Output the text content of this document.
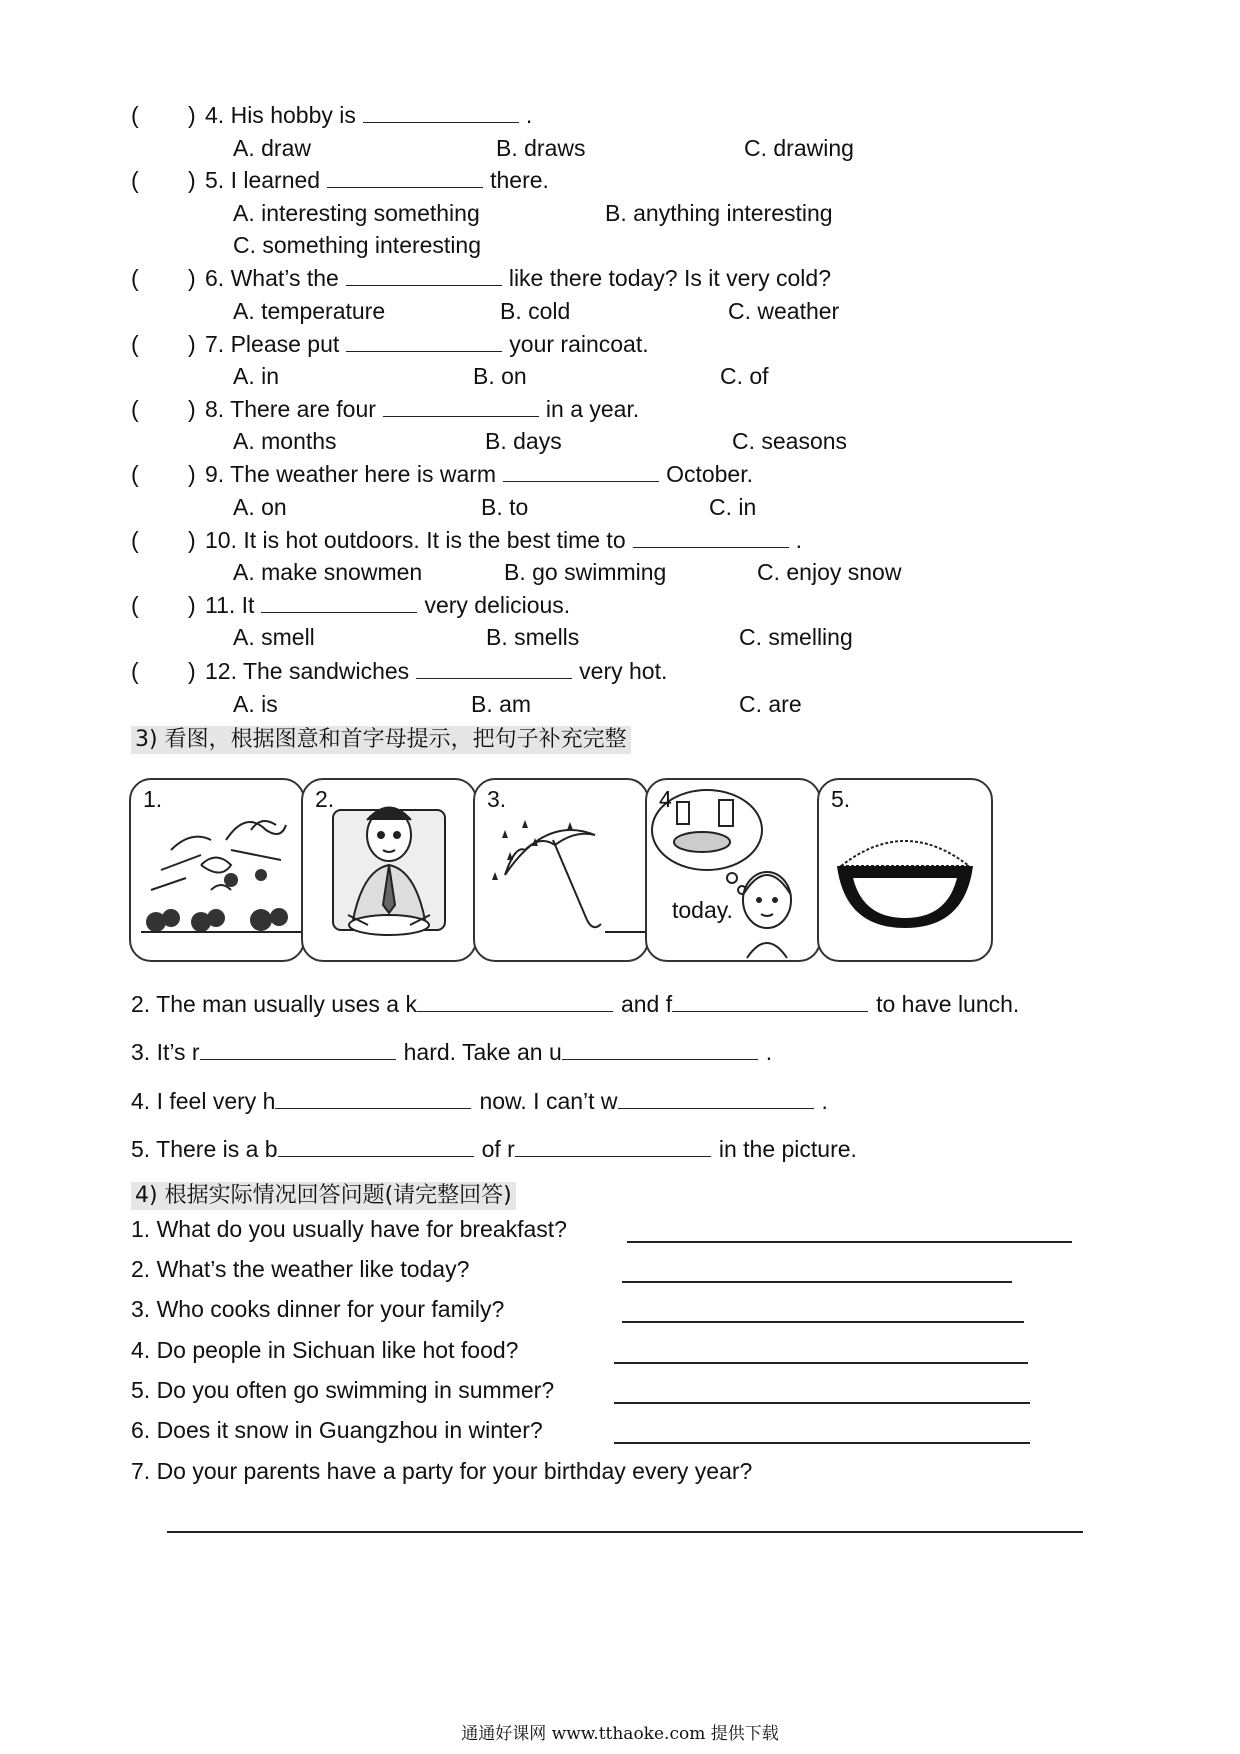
( ) 4. His hobby is	.
A. draw	B. draws	C. drawing
( ) 5. I learned	there.
A. interesting something	B. anything interesting
C. something interesting
( ) 6. What’s the	like there today? Is it very cold?
A. temperature	B. cold	C. weather
( ) 7. Please put	your raincoat.
A. in	B. on	C. of
( ) 8. There are four	in a year.
A. months	B. days	C. seasons
( ) 9. The weather here is warm	October.
A. on	B. to	C. in
( ) 10. It is hot outdoors. It is the best time to	.
A. make snowmen	B. go swimming	C. enjoy snow
( ) 11. It	very delicious.
A. smell	B. smells	C. smelling
( ) 12. The sandwiches	very hot.
A. is	B. am	C. are
3) 看图，根据图意和首字母提示，把句子补充完整
1.	2.	3.	4
today.
5.
2. The man usually uses a k	and f	to have lunch.
3. It’s r	hard. Take an u	.
4. I feel very h	now. I can’t w	.
5. There is a b	of r	in the picture.
4) 根据实际情况回答问题(请完整回答)
1. What do you usually have for breakfast?
2. What’s the weather like today?
3. Who cooks dinner for your family?
4. Do people in Sichuan like hot food?
5. Do you often go swimming in summer?
6. Does it snow in Guangzhou in winter?
7. Do your parents have a party for your birthday every year?
通通好课网 www.tthaoke.com 提供下载
